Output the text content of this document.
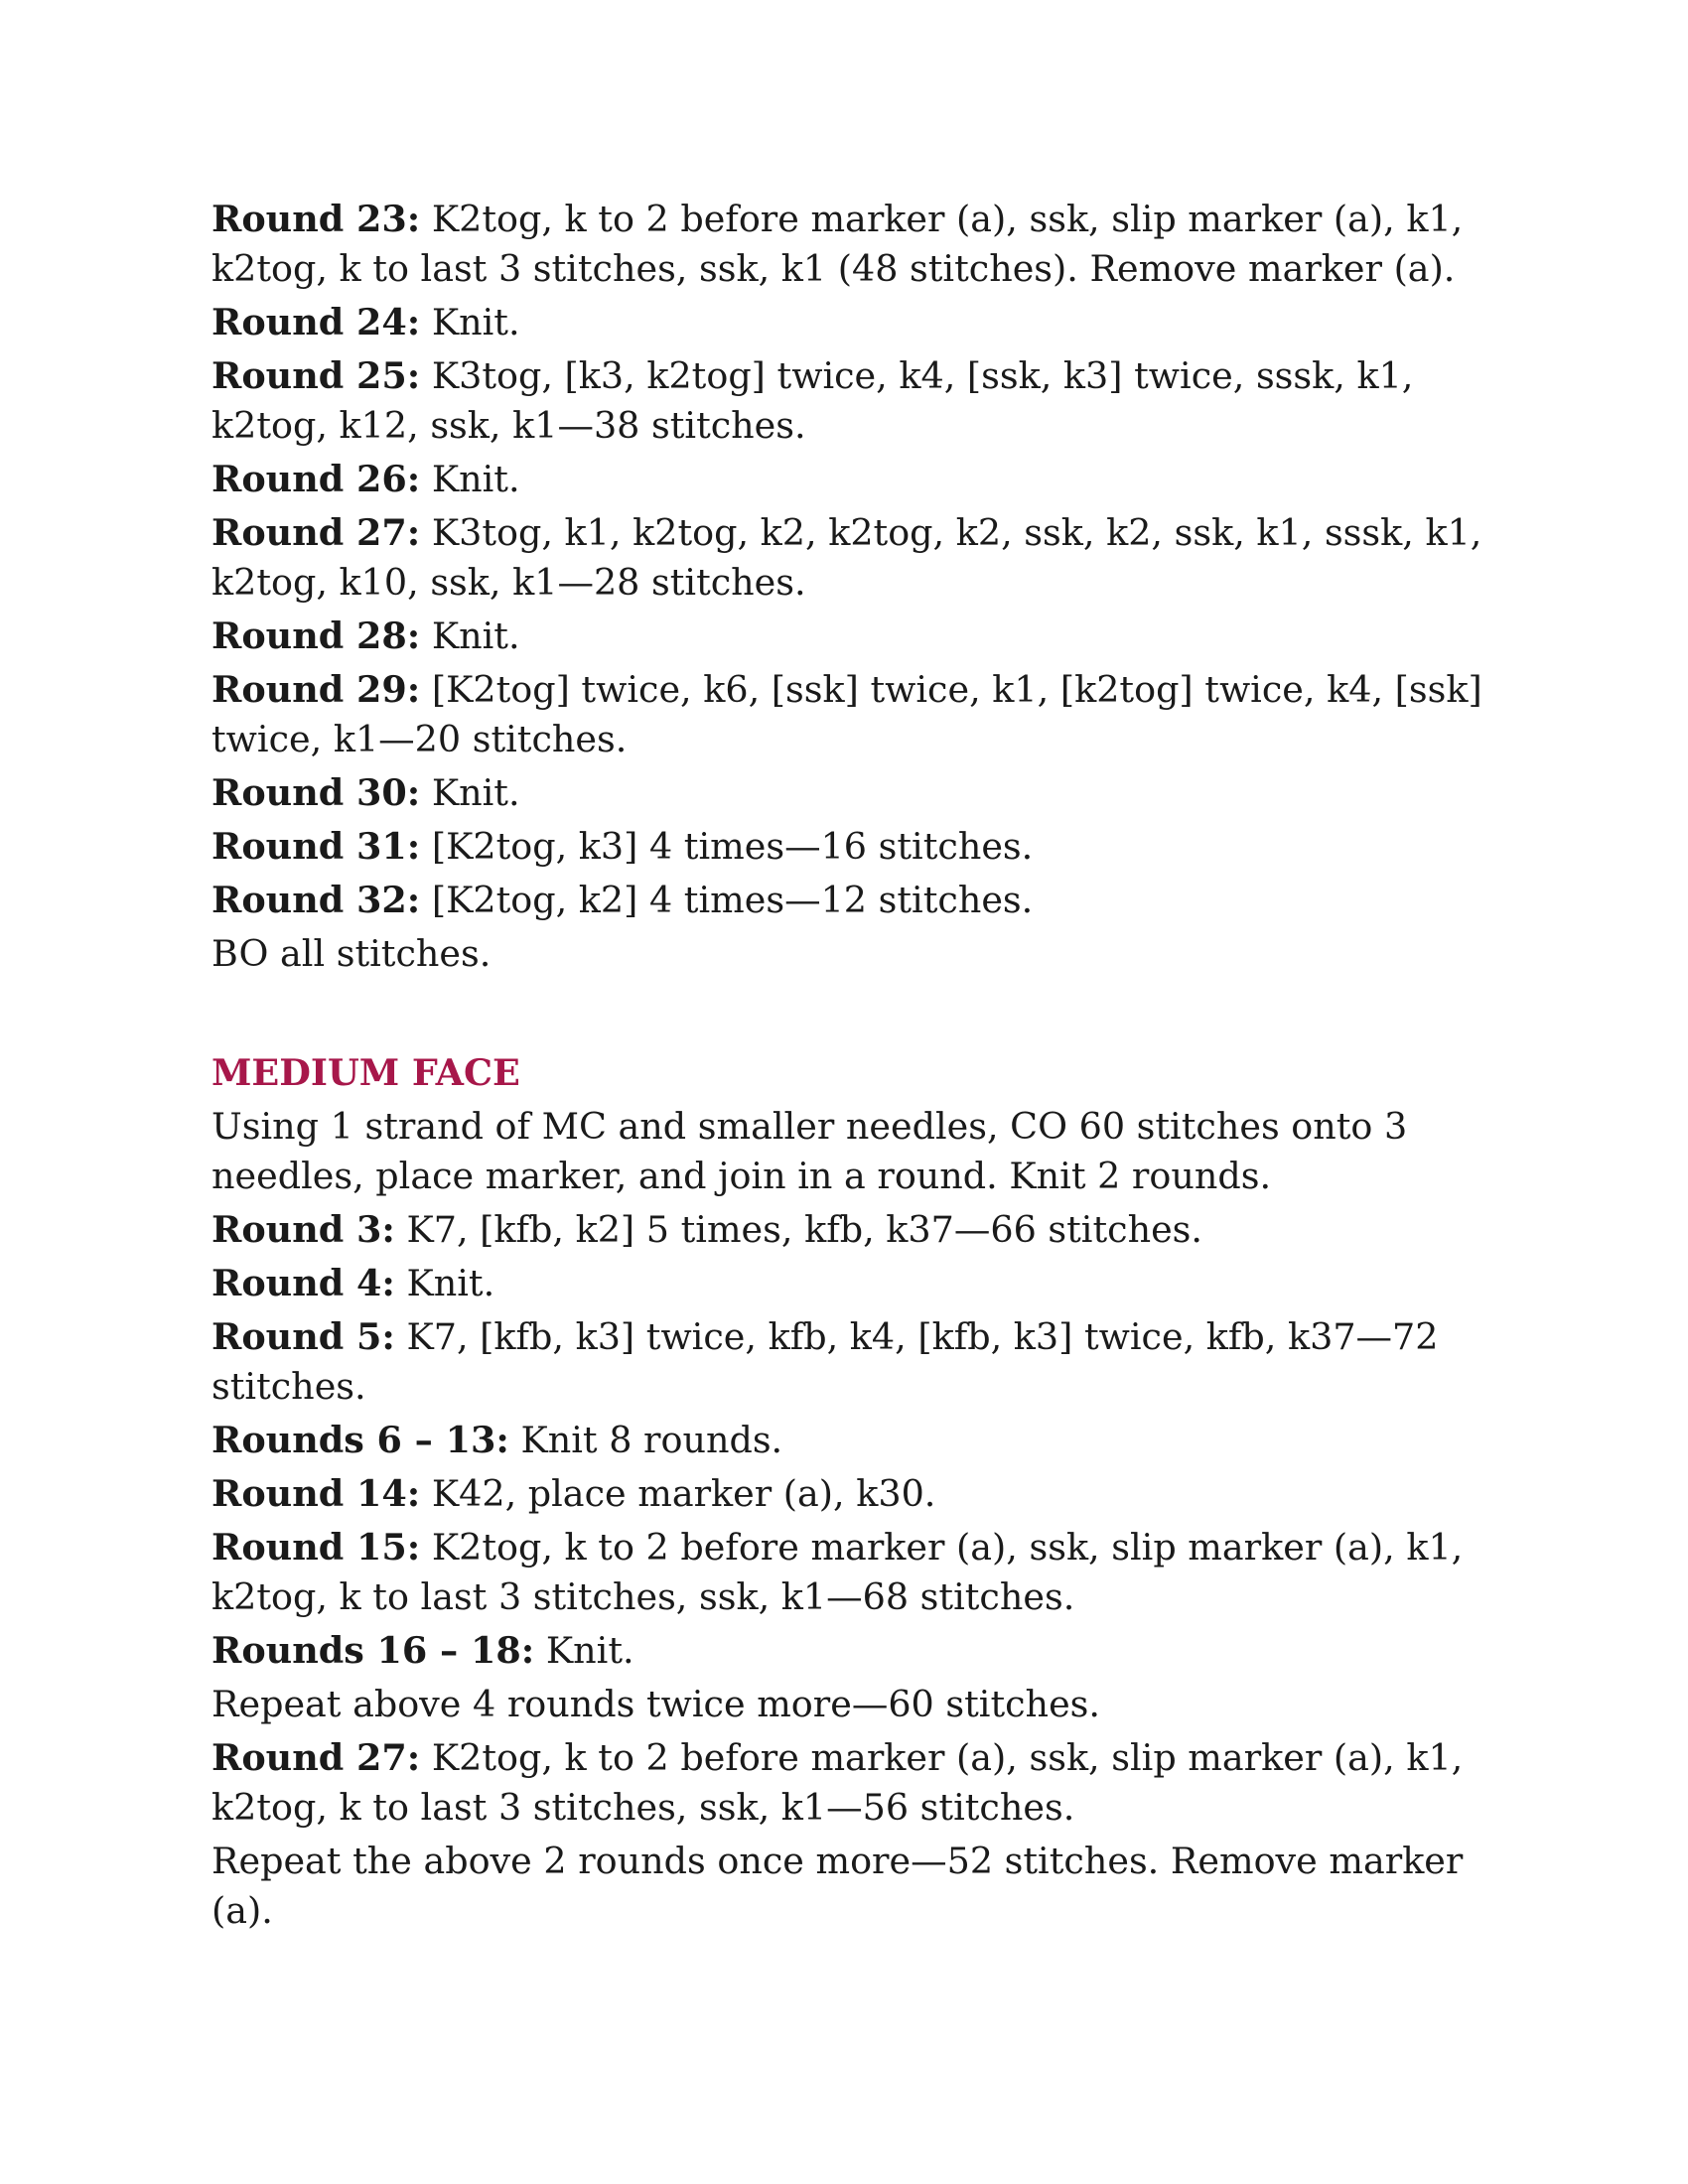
Round 23: K2tog, k to 2 before marker (a), ssk, slip marker (a), k1, k2tog, k to last 3 stitches, ssk, k1 (48 stitches). Remove marker (a).

Round 24: Knit.

Round 25: K3tog, [k3, k2tog] twice, k4, [ssk, k3] twice, sssk, k1, k2tog, k12, ssk, k1—38 stitches.

Round 26: Knit.

Round 27: K3tog, k1, k2tog, k2, k2tog, k2, ssk, k2, ssk, k1, sssk, k1, k2tog, k10, ssk, k1—28 stitches.

Round 28: Knit.

Round 29: [K2tog] twice, k6, [ssk] twice, k1, [k2tog] twice, k4, [ssk] twice, k1—20 stitches.

Round 30: Knit.

Round 31: [K2tog, k3] 4 times—16 stitches.

Round 32: [K2tog, k2] 4 times—12 stitches.

BO all stitches.

MEDIUM FACE

Using 1 strand of MC and smaller needles, CO 60 stitches onto 3 needles, place marker, and join in a round. Knit 2 rounds.

Round 3: K7, [kfb, k2] 5 times, kfb, k37—66 stitches.

Round 4: Knit.

Round 5: K7, [kfb, k3] twice, kfb, k4, [kfb, k3] twice, kfb, k37—72 stitches.

Rounds 6 – 13: Knit 8 rounds.

Round 14: K42, place marker (a), k30.

Round 15: K2tog, k to 2 before marker (a), ssk, slip marker (a), k1, k2tog, k to last 3 stitches, ssk, k1—68 stitches.

Rounds 16 – 18: Knit.

Repeat above 4 rounds twice more—60 stitches.

Round 27: K2tog, k to 2 before marker (a), ssk, slip marker (a), k1, k2tog, k to last 3 stitches, ssk, k1—56 stitches.

Repeat the above 2 rounds once more—52 stitches. Remove marker (a).
